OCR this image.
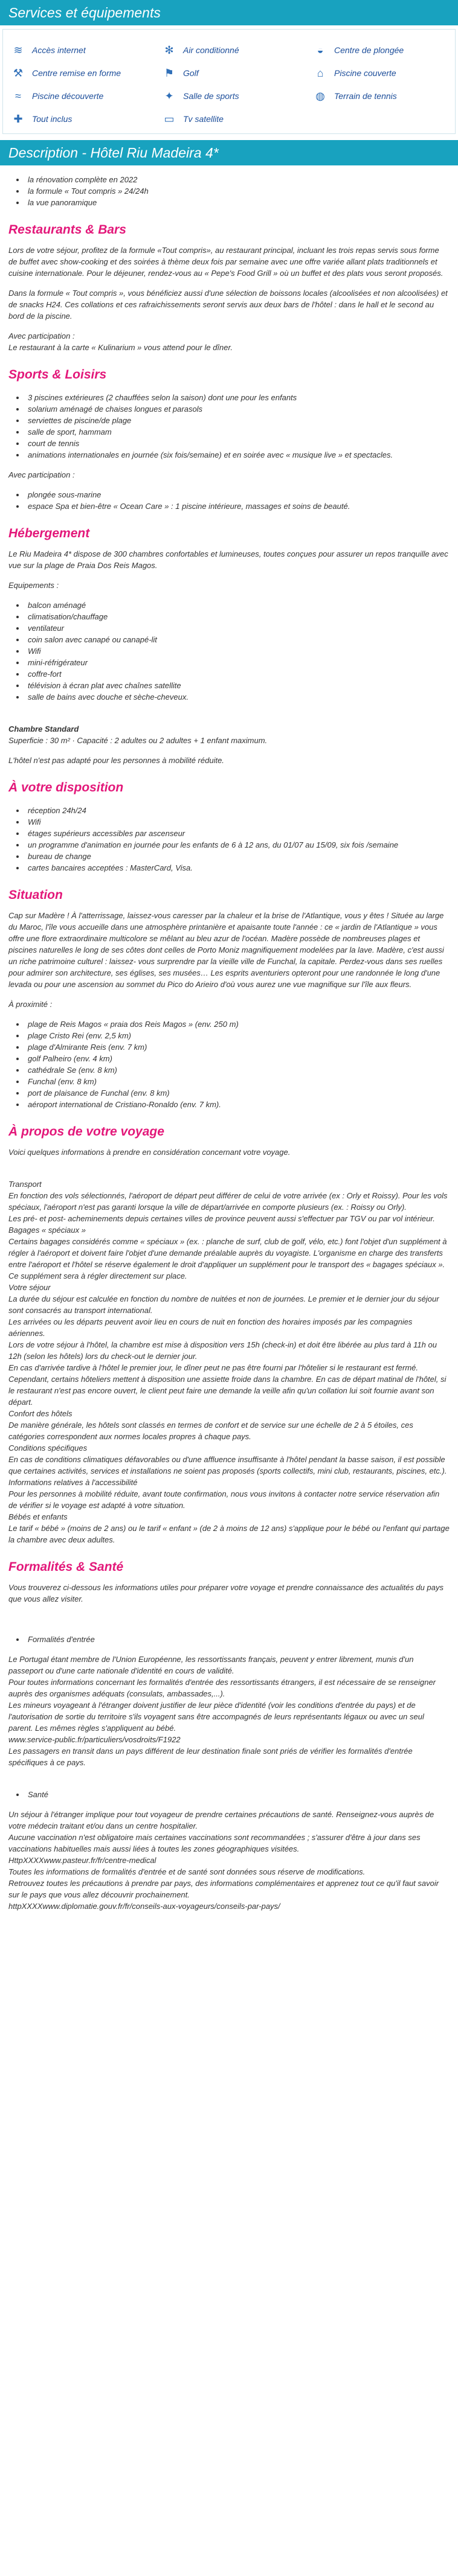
Services et équipements
≋ Accès internet	✻ Air conditionné	◒	Centre de plongée
⚒ Centre remise en forme	⚑ Golf	⌂	Piscine couverte
≈	Piscine découverte	✦ Salle de sports	◍ Terrain de tennis
✚ Tout inclus	▭ Tv satellite
Description - Hôtel Riu Madeira 4*
• la rénovation complète en 2022
• la formule « Tout compris » 24/24h
• la vue panoramique
Restaurants & Bars

Lors de votre séjour, profitez de la formule «Tout compris», au restaurant principal, incluant les trois repas servis sous forme de buffet avec show-cooking et des soirées à thème deux fois par semaine avec une offre variée allant plats traditionnels et cuisine internationale. Pour le déjeuner, rendez-vous au « Pepe's Food Grill » où un buffet et des plats vous seront proposés.

Dans la formule « Tout compris », vous bénéficiez aussi d'une sélection de boissons locales (alcoolisées et non alcoolisées) et de snacks H24. Ces collations et ces rafraichissements seront servis aux deux bars de l'hôtel : dans le hall et le second au bord de la piscine.

Avec participation :

Le restaurant à la carte « Kulinarium » vous attend pour le dîner.

Sports & Loisirs
• 3 piscines extérieures (2 chauffées selon la saison) dont une pour les enfants
• solarium aménagé de chaises longues et parasols
• serviettes de piscine/de plage
• salle de sport, hammam
• court de tennis
• animations internationales en journée (six fois/semaine) et en soirée avec « musique live » et spectacles.

Avec participation :

• plongée sous-marine
• espace Spa et bien-être « Ocean Care » : 1 piscine intérieure, massages et soins de beauté.
Hébergement

Le Riu Madeira 4* dispose de 300 chambres confortables et lumineuses, toutes conçues pour assurer un repos tranquille avec vue sur la plage de Praia Dos Reis Magos.

Equipements :

• balcon aménagé
• climatisation/chauffage
• ventilateur
• coin salon avec canapé ou canapé-lit
• Wifi
• mini-réfrigérateur
• coffre-fort
• télévision à écran plat avec chaînes satellite
• salle de bains avec douche et sèche-cheveux.

Chambre Standard

Superficie : 30 m² · Capacité : 2 adultes ou 2 adultes + 1 enfant maximum.

L'hôtel n'est pas adapté pour les personnes à mobilité réduite.

À votre disposition
• réception 24h/24
• Wifi
• étages supérieurs accessibles par ascenseur
• un programme d'animation en journée pour les enfants de 6 à 12 ans, du 01/07 au 15/09, six fois /semaine
• bureau de change
• cartes bancaires acceptées : MasterCard, Visa.
Situation

Cap sur Madère ! À l'atterrissage, laissez-vous caresser par la chaleur et la brise de l'Atlantique, vous y êtes ! Située au large du Maroc, l'île vous accueille dans une atmosphère printanière et apaisante toute l'année : ce « jardin de l'Atlantique » vous offre une flore extraordinaire multicolore se mêlant au bleu azur de l'océan. Madère possède de nombreuses plages et piscines naturelles le long de ses côtes dont celles de Porto Moniz magnifiquement modelées par la lave. Madère, c'est aussi un riche patrimoine culturel : laissez- vous surprendre par la vieille ville de Funchal, la capitale. Perdez-vous dans ses ruelles pour admirer son architecture, ses églises, ses musées… Les esprits aventuriers opteront pour une randonnée le long d'une levada ou pour une ascension au sommet du Pico do Arieiro d'où vous aurez une vue magnifique sur l'île aux fleurs.

À proximité :

• plage de Reis Magos « praia dos Reis Magos » (env. 250 m)
• plage Cristo Rei (env. 2,5 km)
• plage d'Almirante Reis (env. 7 km)
• golf Palheiro (env. 4 km)
• cathédrale Se (env. 8 km)
• Funchal (env. 8 km)
• port de plaisance de Funchal (env. 8 km)
• aéroport international de Cristiano-Ronaldo (env. 7 km).
À propos de votre voyage

Voici quelques informations à prendre en considération concernant votre voyage.

Transport

En fonction des vols sélectionnés, l'aéroport de départ peut différer de celui de votre arrivée (ex : Orly et Roissy). Pour les vols spéciaux, l'aéroport n'est pas garanti lorsque la ville de départ/arrivée en comporte plusieurs (ex. : Roissy ou Orly).

Les pré- et post- acheminements depuis certaines villes de province peuvent aussi s'effectuer par TGV ou par vol intérieur.

Bagages « spéciaux »

Certains bagages considérés comme « spéciaux » (ex. : planche de surf, club de golf, vélo, etc.) font l'objet d'un supplément à régler à l'aéroport et doivent faire l'objet d'une demande préalable auprès du voyagiste. L'organisme en charge des transferts entre l'aéroport et l'hôtel se réserve également le droit d'appliquer un supplément pour le transport des « bagages spéciaux ». Ce supplément sera à régler directement sur place.

Votre séjour

La durée du séjour est calculée en fonction du nombre de nuitées et non de journées. Le premier et le dernier jour du séjour sont consacrés au transport international.

Les arrivées ou les départs peuvent avoir lieu en cours de nuit en fonction des horaires imposés par les compagnies aériennes.

Lors de votre séjour à l'hôtel, la chambre est mise à disposition vers 15h (check-in) et doit être libérée au plus tard à 11h ou 12h (selon les hôtels) lors du check-out le dernier jour.

En cas d'arrivée tardive à l'hôtel le premier jour, le dîner peut ne pas être fourni par l'hôtelier si le restaurant est fermé. Cependant, certains hôteliers mettent à disposition une assiette froide dans la chambre. En cas de départ matinal de l'hôtel, si le restaurant n'est pas encore ouvert, le client peut faire une demande la veille afin qu'un collation lui soit fournie avant son départ.

Confort des hôtels

De manière générale, les hôtels sont classés en termes de confort et de service sur une échelle de 2 à 5 étoiles, ces catégories correspondent aux normes locales propres à chaque pays.

Conditions spécifiques

En cas de conditions climatiques défavorables ou d'une affluence insuffisante à l'hôtel pendant la basse saison, il est possible que certaines activités, services et installations ne soient pas proposés (sports collectifs, mini club, restaurants, piscines, etc.).

Informations relatives à l'accessibilité

Pour les personnes à mobilité réduite, avant toute confirmation, nous vous invitons à contacter notre service réservation afin de vérifier si le voyage est adapté à votre situation.

Bébés et enfants

Le tarif « bébé » (moins de 2 ans) ou le tarif « enfant » (de 2 à moins de 12 ans) s'applique pour le bébé ou l'enfant qui partage la chambre avec deux adultes.

Formalités & Santé

Vous trouverez ci-dessous les informations utiles pour préparer votre voyage et prendre connaissance des actualités du pays que vous allez visiter.

• Formalités d'entrée

Le Portugal étant membre de l'Union Européenne, les ressortissants français, peuvent y entrer librement, munis d'un passeport ou d'une carte nationale d'identité en cours de validité.

Pour toutes informations concernant les formalités d'entrée des ressortissants étrangers, il est nécessaire de se renseigner auprès des organismes adéquats (consulats, ambassades,...).

Les mineurs voyageant à l'étranger doivent justifier de leur pièce d'identité (voir les conditions d'entrée du pays) et de l'autorisation de sortie du territoire s'ils voyagent sans être accompagnés de leurs représentants légaux ou avec un seul parent. Les mêmes règles s'appliquent au bébé.

www.service-public.fr/particuliers/vosdroits/F1922

Les passagers en transit dans un pays différent de leur destination finale sont priés de vérifier les formalités d'entrée spécifiques à ce pays.

• Santé

Un séjour à l'étranger implique pour tout voyageur de prendre certaines précautions de santé. Renseignez-vous auprès de votre médecin traitant et/ou dans un centre hospitalier.

Aucune vaccination n'est obligatoire mais certaines vaccinations sont recommandées ; s'assurer d'être à jour dans ses vaccinations habituelles mais aussi liées à toutes les zones géographiques visitées.

HttpXXXXwww.pasteur.fr/fr/centre-medical

Toutes les informations de formalités d'entrée et de santé sont données sous réserve de modifications.

Retrouvez toutes les précautions à prendre par pays, des informations complémentaires et apprenez tout ce qu'il faut savoir sur le pays que vous allez découvrir prochainement.

httpXXXXwww.diplomatie.gouv.fr/fr/conseils-aux-voyageurs/conseils-par-pays/
